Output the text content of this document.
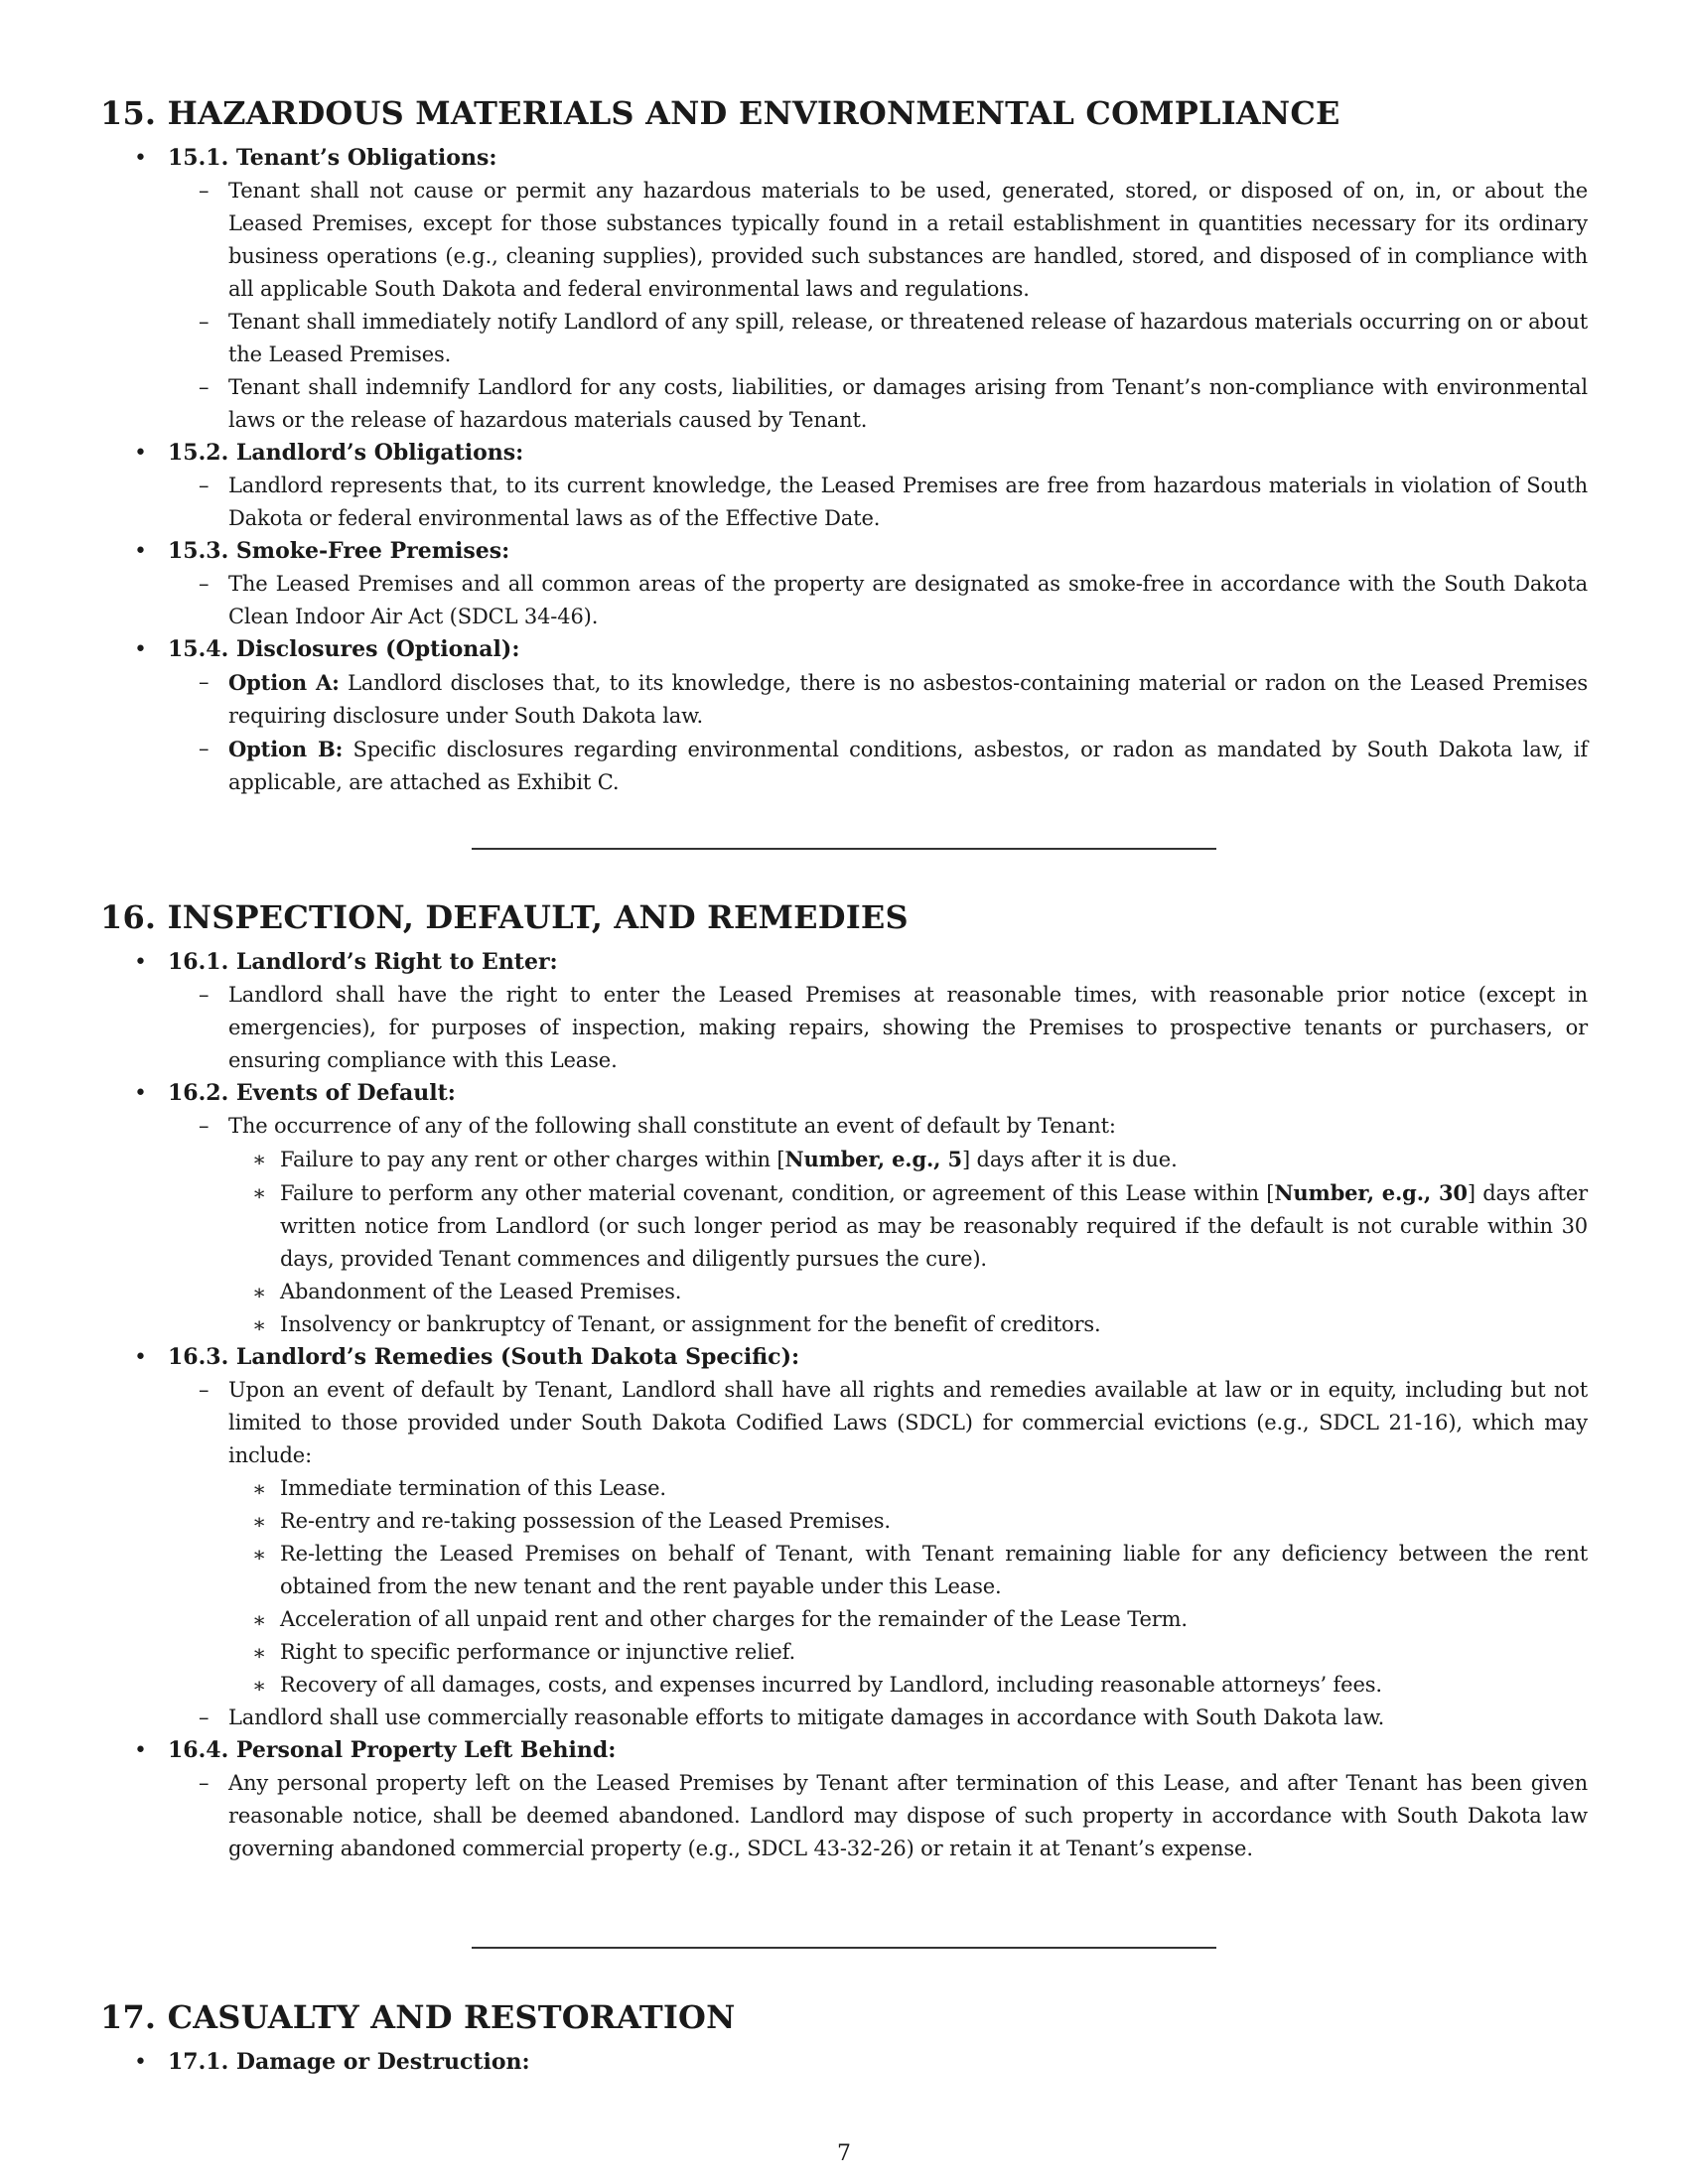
15. HAZARDOUS MATERIALS AND ENVIRONMENTAL COMPLIANCE
• 15.1. Tenant’s Obligations:
– Tenant shall not cause or permit any hazardous materials to be used, generated, stored, or disposed of on, in, or about the Leased Premises, except for those substances typically found in a retail establishment in quantities necessary for its ordinary business operations (e.g., cleaning supplies), provided such substances are handled, stored, and disposed of in compliance with all applicable South Dakota and federal environmental laws and regulations.
– Tenant shall immediately notify Landlord of any spill, release, or threatened release of hazardous materials occurring on or about the Leased Premises.
– Tenant shall indemnify Landlord for any costs, liabilities, or damages arising from Tenant’s non-compliance with environmental laws or the release of hazardous materials caused by Tenant.
• 15.2. Landlord’s Obligations:
– Landlord represents that, to its current knowledge, the Leased Premises are free from hazardous materials in violation of South Dakota or federal environmental laws as of the Effective Date.
• 15.3. Smoke-Free Premises:
– The Leased Premises and all common areas of the property are designated as smoke-free in accordance with the South Dakota Clean Indoor Air Act (SDCL 34-46).
• 15.4. Disclosures (Optional):
– Option A: Landlord discloses that, to its knowledge, there is no asbestos-containing material or radon on the Leased Premises requiring disclosure under South Dakota law.
– Option B: Specific disclosures regarding environmental conditions, asbestos, or radon as mandated by South Dakota law, if applicable, are attached as Exhibit C.
16. INSPECTION, DEFAULT, AND REMEDIES
• 16.1. Landlord’s Right to Enter:
– Landlord shall have the right to enter the Leased Premises at reasonable times, with reasonable prior notice (except in emergencies), for purposes of inspection, making repairs, showing the Premises to prospective tenants or purchasers, or ensuring compliance with this Lease.
• 16.2. Events of Default:
– The occurrence of any of the following shall constitute an event of default by Tenant:
∗ Failure to pay any rent or other charges within [Number, e.g., 5] days after it is due.
∗ Failure to perform any other material covenant, condition, or agreement of this Lease within [Number, e.g., 30] days after written notice from Landlord (or such longer period as may be reasonably required if the default is not curable within 30 days, provided Tenant commences and diligently pursues the cure).
∗ Abandonment of the Leased Premises.
∗ Insolvency or bankruptcy of Tenant, or assignment for the benefit of creditors.
• 16.3. Landlord’s Remedies (South Dakota Specific):
– Upon an event of default by Tenant, Landlord shall have all rights and remedies available at law or in equity, including but not limited to those provided under South Dakota Codified Laws (SDCL) for commercial evictions (e.g., SDCL 21-16), which may include:
∗ Immediate termination of this Lease.
∗ Re-entry and re-taking possession of the Leased Premises.
∗ Re-letting the Leased Premises on behalf of Tenant, with Tenant remaining liable for any deficiency between the rent obtained from the new tenant and the rent payable under this Lease.
∗ Acceleration of all unpaid rent and other charges for the remainder of the Lease Term.
∗ Right to specific performance or injunctive relief.
∗ Recovery of all damages, costs, and expenses incurred by Landlord, including reasonable attorneys’ fees.
– Landlord shall use commercially reasonable efforts to mitigate damages in accordance with South Dakota law.
• 16.4. Personal Property Left Behind:
– Any personal property left on the Leased Premises by Tenant after termination of this Lease, and after Tenant has been given reasonable notice, shall be deemed abandoned. Landlord may dispose of such property in accordance with South Dakota law governing abandoned commercial property (e.g., SDCL 43-32-26) or retain it at Tenant’s expense.
17. CASUALTY AND RESTORATION
• 17.1. Damage or Destruction:
7
